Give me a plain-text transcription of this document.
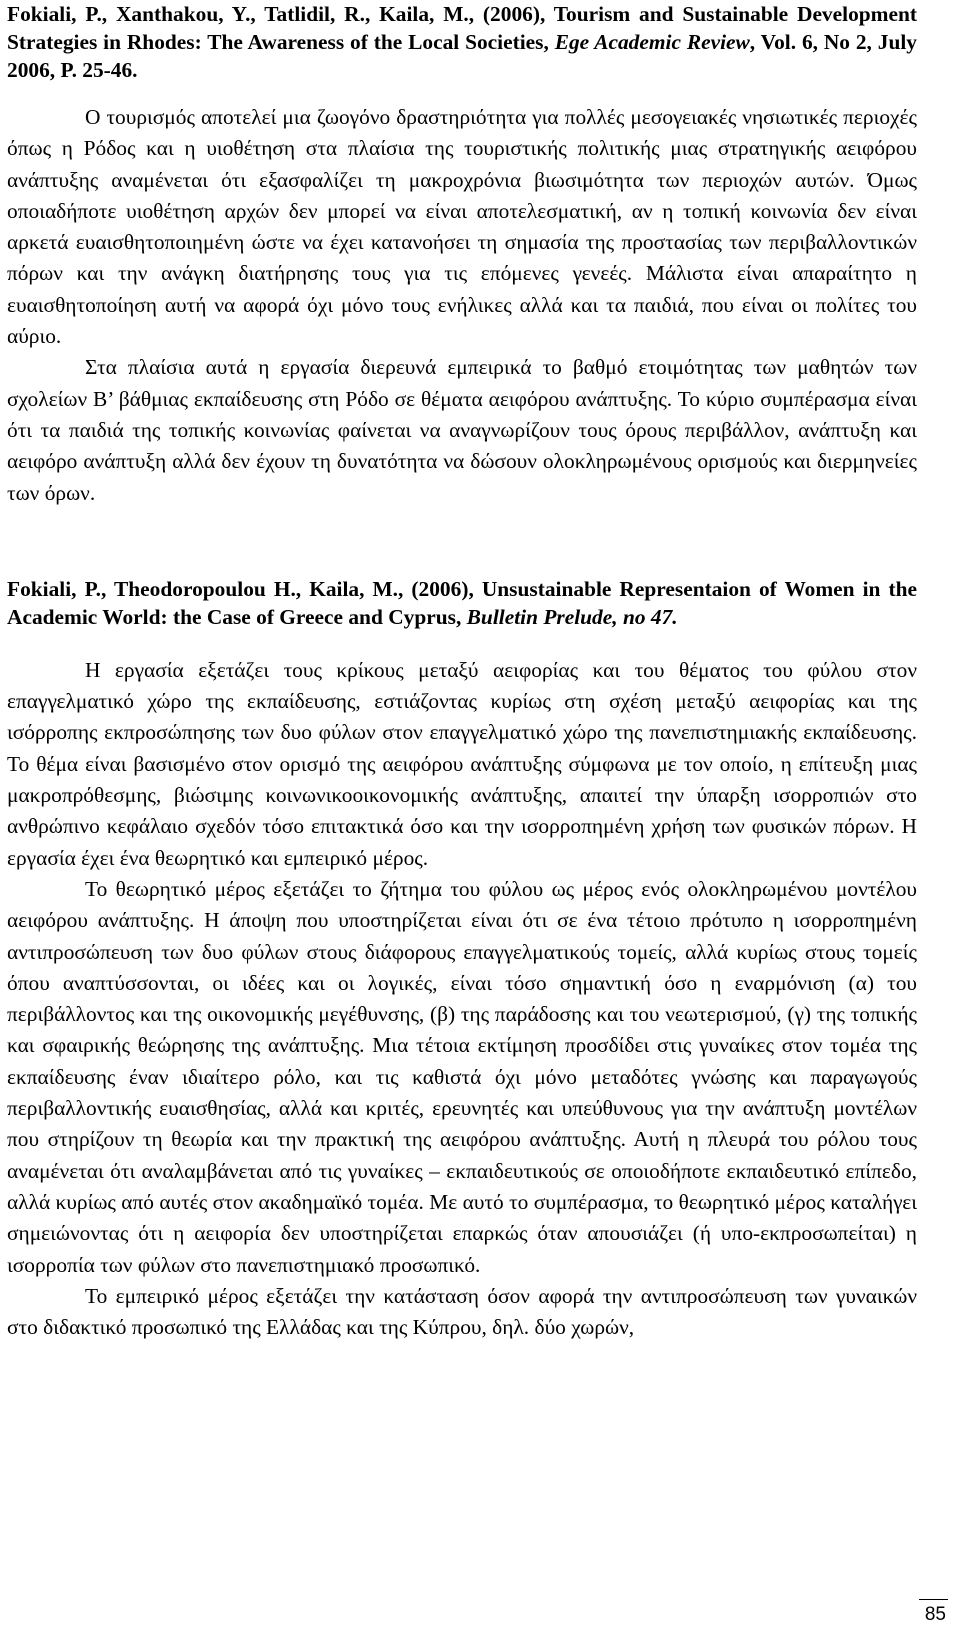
Fokiali, P., Xanthakou, Y., Tatlidil, R., Kaila, M., (2006), Tourism and Sustainable Development Strategies in Rhodes: The Awareness of the Local Societies, Ege Academic Review, Vol. 6, No 2, July 2006, P. 25-46.

Ο τουρισμός αποτελεί μια ζωογόνο δραστηριότητα για πολλές μεσογειακές νησιωτικές περιοχές όπως η Ρόδος και η υιοθέτηση στα πλαίσια της τουριστικής πολιτικής μιας στρατηγικής αειφόρου ανάπτυξης αναμένεται ότι εξασφαλίζει τη μακροχρόνια βιωσιμότητα των περιοχών αυτών. Όμως οποιαδήποτε υιοθέτηση αρχών δεν μπορεί να είναι αποτελεσματική, αν η τοπική κοινωνία δεν είναι αρκετά ευαισθητοποιημένη ώστε να έχει κατανοήσει τη σημασία της προστασίας των περιβαλλοντικών πόρων και την ανάγκη διατήρησης τους για τις επόμενες γενεές. Μάλιστα είναι απαραίτητο η ευαισθητοποίηση αυτή να αφορά όχι μόνο τους ενήλικες αλλά και τα παιδιά, που είναι οι πολίτες του αύριο.

Στα πλαίσια αυτά η εργασία διερευνά εμπειρικά το βαθμό ετοιμότητας των μαθητών των σχολείων Β’ βάθμιας εκπαίδευσης στη Ρόδο σε θέματα αειφόρου ανάπτυξης. Το κύριο συμπέρασμα είναι ότι τα παιδιά της τοπικής κοινωνίας φαίνεται να αναγνωρίζουν τους όρους περιβάλλον, ανάπτυξη και αειφόρο ανάπτυξη αλλά δεν έχουν τη δυνατότητα να δώσουν ολοκληρωμένους ορισμούς και διερμηνείες των όρων.

Fokiali, P., Theodoropoulou H., Kaila, M., (2006), Unsustainable Representaion of Women in the Academic World: the Case of Greece and Cyprus, Bulletin Prelude, no 47.

Η εργασία εξετάζει τους κρίκους μεταξύ αειφορίας και του θέματος του φύλου στον επαγγελματικό χώρο της εκπαίδευσης, εστιάζοντας κυρίως στη σχέση μεταξύ αειφορίας και της ισόρροπης εκπροσώπησης των δυο φύλων στον επαγγελματικό χώρο της πανεπιστημιακής εκπαίδευσης. Το θέμα είναι βασισμένο στον ορισμό της αειφόρου ανάπτυξης σύμφωνα με τον οποίο, η επίτευξη μιας μακροπρόθεσμης, βιώσιμης κοινωνικοοικονομικής ανάπτυξης, απαιτεί την ύπαρξη ισορροπιών στο ανθρώπινο κεφάλαιο σχεδόν τόσο επιτακτικά όσο και την ισορροπημένη χρήση των φυσικών πόρων. Η εργασία έχει ένα θεωρητικό και εμπειρικό μέρος.

Το θεωρητικό μέρος εξετάζει το ζήτημα του φύλου ως μέρος ενός ολοκληρωμένου μοντέλου αειφόρου ανάπτυξης. Η άποψη που υποστηρίζεται είναι ότι σε ένα τέτοιο πρότυπο η ισορροπημένη αντιπροσώπευση των δυο φύλων στους διάφορους επαγγελματικούς τομείς, αλλά κυρίως στους τομείς όπου αναπτύσσονται, οι ιδέες και οι λογικές, είναι τόσο σημαντική όσο η εναρμόνιση (α) του περιβάλλοντος και της οικονομικής μεγέθυνσης, (β) της παράδοσης και του νεωτερισμού, (γ) της τοπικής και σφαιρικής θεώρησης της ανάπτυξης. Μια τέτοια εκτίμηση προσδίδει στις γυναίκες στον τομέα της εκπαίδευσης έναν ιδιαίτερο ρόλο, και τις καθιστά όχι μόνο μεταδότες γνώσης και παραγωγούς περιβαλλοντικής ευαισθησίας, αλλά και κριτές, ερευνητές και υπεύθυνους για την ανάπτυξη μοντέλων που στηρίζουν τη θεωρία και την πρακτική της αειφόρου ανάπτυξης. Αυτή η πλευρά του ρόλου τους αναμένεται ότι αναλαμβάνεται από τις γυναίκες – εκπαιδευτικούς σε οποιοδήποτε εκπαιδευτικό επίπεδο, αλλά κυρίως από αυτές στον ακαδημαϊκό τομέα. Με αυτό το συμπέρασμα, το θεωρητικό μέρος καταλήγει σημειώνοντας ότι η αειφορία δεν υποστηρίζεται επαρκώς όταν απουσιάζει (ή υπο-εκπροσωπείται) η ισορροπία των φύλων στο πανεπιστημιακό προσωπικό.

Το εμπειρικό μέρος εξετάζει την κατάσταση όσον αφορά την αντιπροσώπευση των γυναικών στο διδακτικό προσωπικό της Ελλάδας και της Κύπρου, δηλ. δύο χωρών,

85
